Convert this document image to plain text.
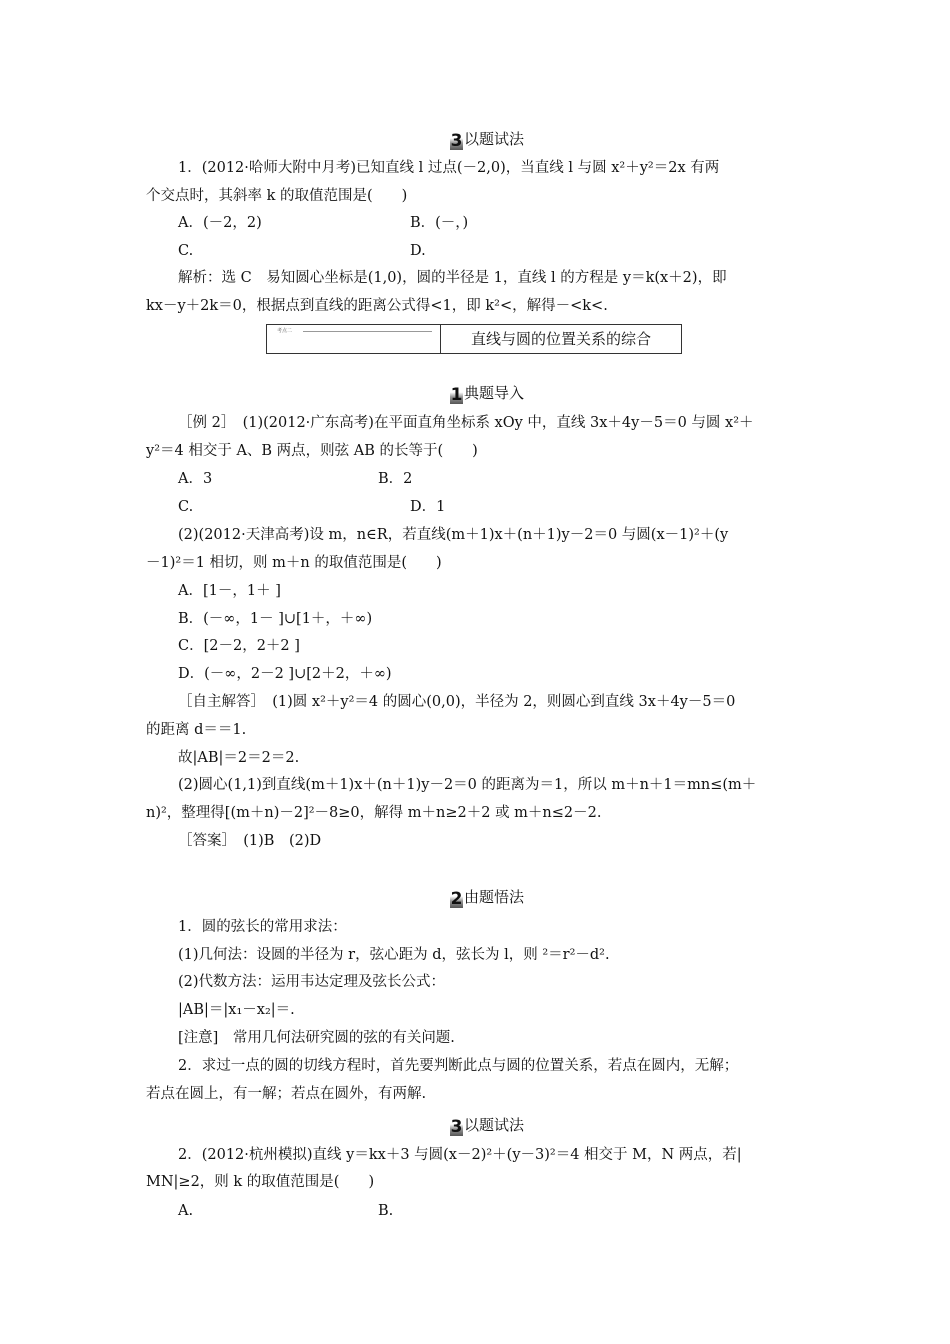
3 以题试法
1．(2012·哈师大附中月考)已知直线 l 过点(－2,0)，当直线 l 与圆 x²＋y²＝2x 有两
个交点时，其斜率 k 的取值范围是(　　)
A．(－2，2)	B．(－，)
C.	D.
解析：选 C　易知圆心坐标是(1,0)，圆的半径是 1，直线 l 的方程是 y＝k(x＋2)，即
kx－y＋2k＝0，根据点到直线的距离公式得<1，即 k²<，解得－<k<.
考点二	直线与圆的位置关系的综合
1 典题导入
［例 2］　(1)(2012·广东高考)在平面直角坐标系 xOy 中，直线 3x＋4y－5＝0 与圆 x²＋
y²＝4 相交于 A、B 两点，则弦 AB 的长等于(　　)
A．3	B．2
C.	D．1
(2)(2012·天津高考)设 m，n∈R，若直线(m＋1)x＋(n＋1)y－2＝0 与圆(x－1)²＋(y
－1)²＝1 相切，则 m＋n 的取值范围是(　　)
A．[1－，1＋ ]
B．(－∞，1－ ]∪[1＋，＋∞)
C．[2－2，2＋2 ]
D．(－∞，2－2 ]∪[2＋2，＋∞)
［自主解答］　(1)圆 x²＋y²＝4 的圆心(0,0)，半径为 2，则圆心到直线 3x＋4y－5＝0
的距离 d＝＝1.
故|AB|＝2＝2＝2.
(2)圆心(1,1)到直线(m＋1)x＋(n＋1)y－2＝0 的距离为＝1，所以 m＋n＋1＝mn≤(m＋
n)²，整理得[(m＋n)－2]²－8≥0，解得 m＋n≥2＋2 或 m＋n≤2－2.
［答案］　(1)B　(2)D
2 由题悟法
1．圆的弦长的常用求法：
(1)几何法：设圆的半径为 r，弦心距为 d，弦长为 l，则 ²＝r²－d².
(2)代数方法：运用韦达定理及弦长公式：
|AB|＝|x₁－x₂|＝.
[注意]　常用几何法研究圆的弦的有关问题.
2．求过一点的圆的切线方程时，首先要判断此点与圆的位置关系，若点在圆内，无解；
若点在圆上，有一解；若点在圆外，有两解.
3 以题试法
2．(2012·杭州模拟)直线 y＝kx＋3 与圆(x－2)²＋(y－3)²＝4 相交于 M，N 两点，若|
MN|≥2，则 k 的取值范围是(　　)
A.	B.
